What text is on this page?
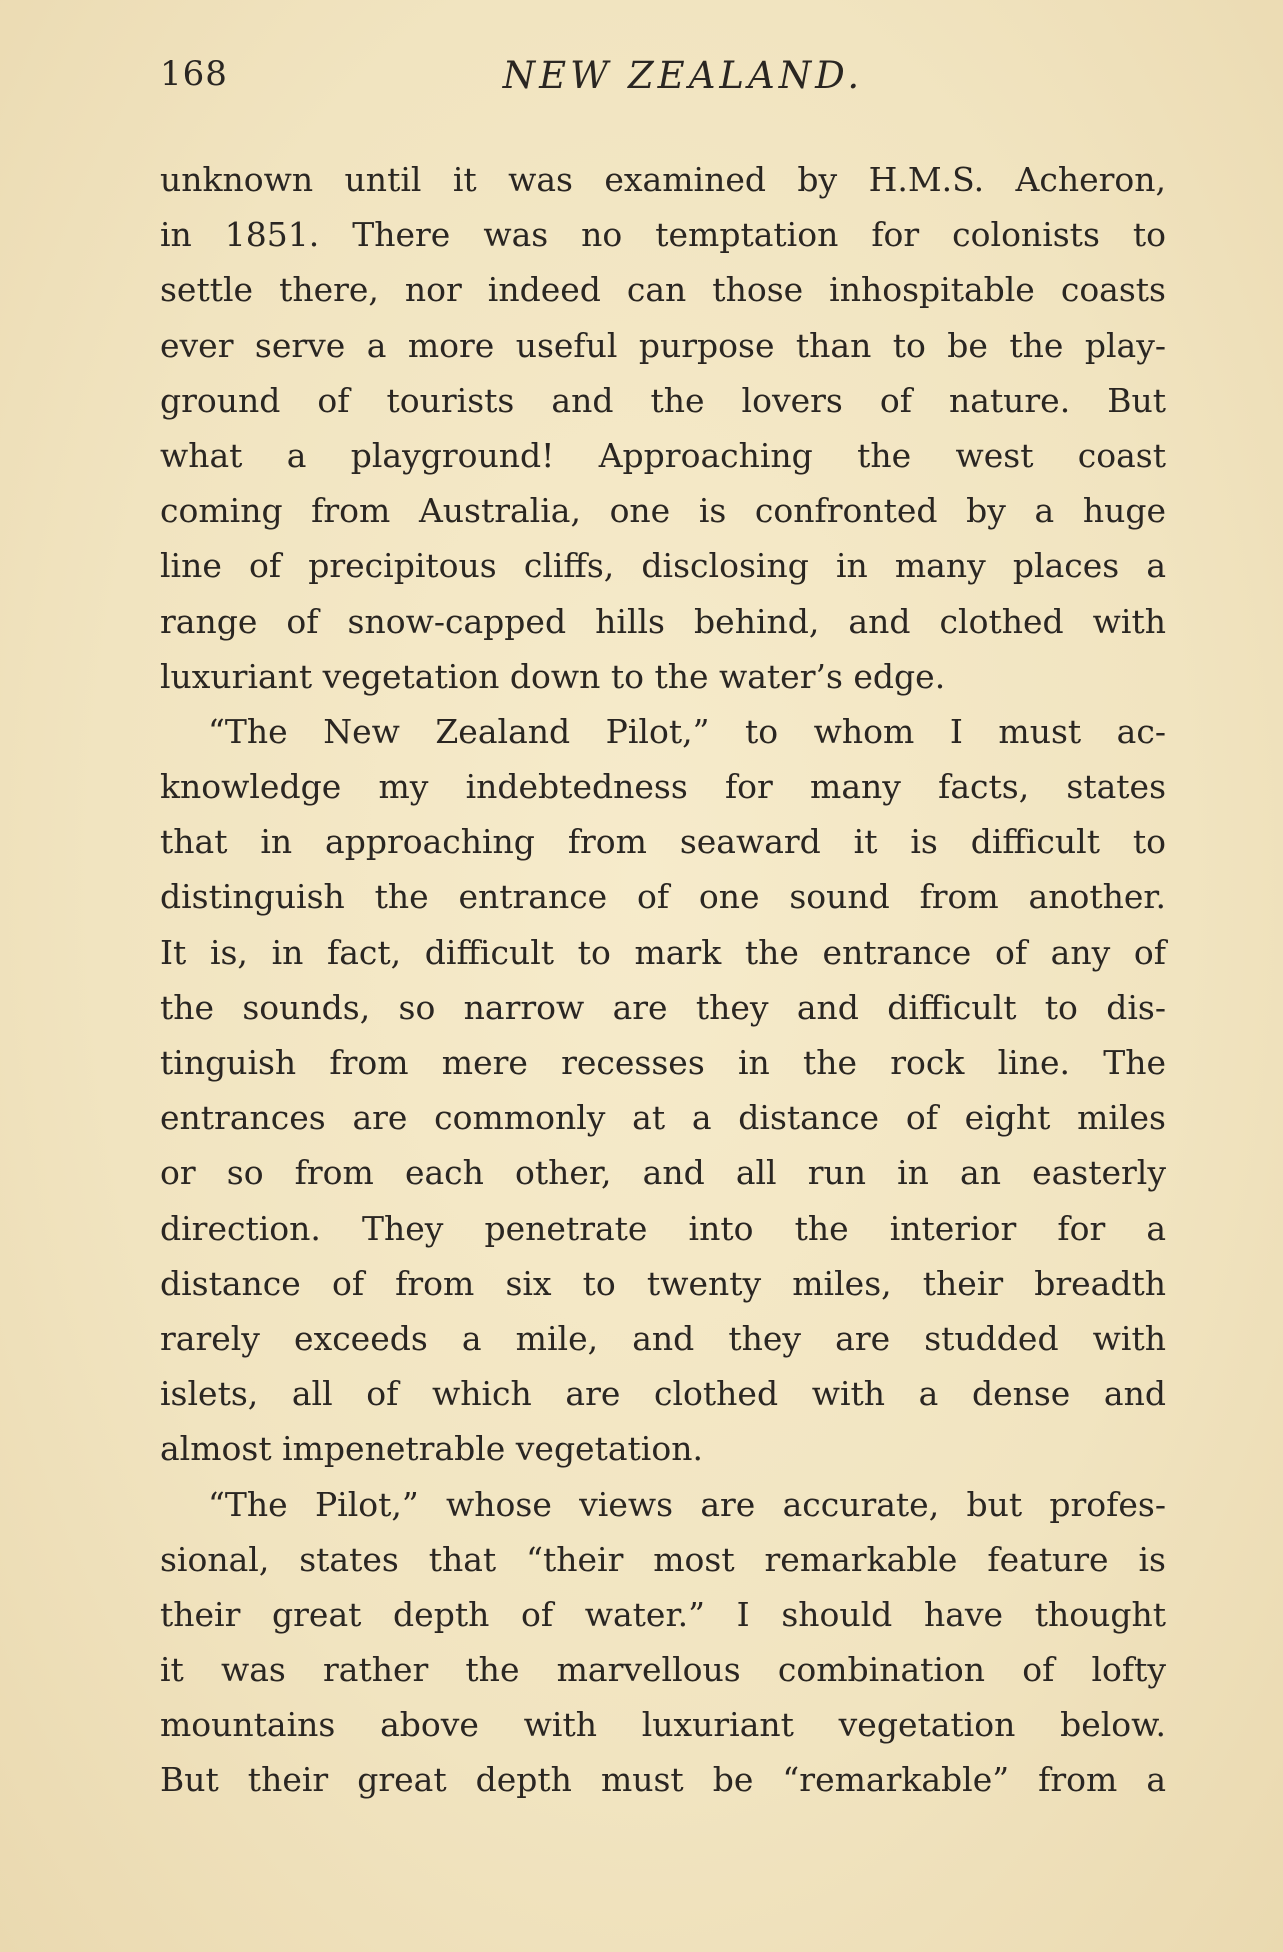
168	NEW ZEALAND.
unknown until it was examined by H.M.S. Acheron,
in 1851. There was no temptation for colonists to
settle there, nor indeed can those inhospitable coasts
ever serve a more useful purpose than to be the play-
ground of tourists and the lovers of nature. But
what a playground! Approaching the west coast
coming from Australia, one is confronted by a huge
line of precipitous cliffs, disclosing in many places a
range of snow-capped hills behind, and clothed with
luxuriant vegetation down to the water’s edge.
“The New Zealand Pilot,” to whom I must ac-
knowledge my indebtedness for many facts, states
that in approaching from seaward it is difficult to
distinguish the entrance of one sound from another.
It is, in fact, difficult to mark the entrance of any of
the sounds, so narrow are they and difficult to dis-
tinguish from mere recesses in the rock line. The
entrances are commonly at a distance of eight miles
or so from each other, and all run in an easterly
direction. They penetrate into the interior for a
distance of from six to twenty miles, their breadth
rarely exceeds a mile, and they are studded with
islets, all of which are clothed with a dense and
almost impenetrable vegetation.
“The Pilot,” whose views are accurate, but profes-
sional, states that “their most remarkable feature is
their great depth of water.” I should have thought
it was rather the marvellous combination of lofty
mountains above with luxuriant vegetation below.
But their great depth must be “remarkable” from a
